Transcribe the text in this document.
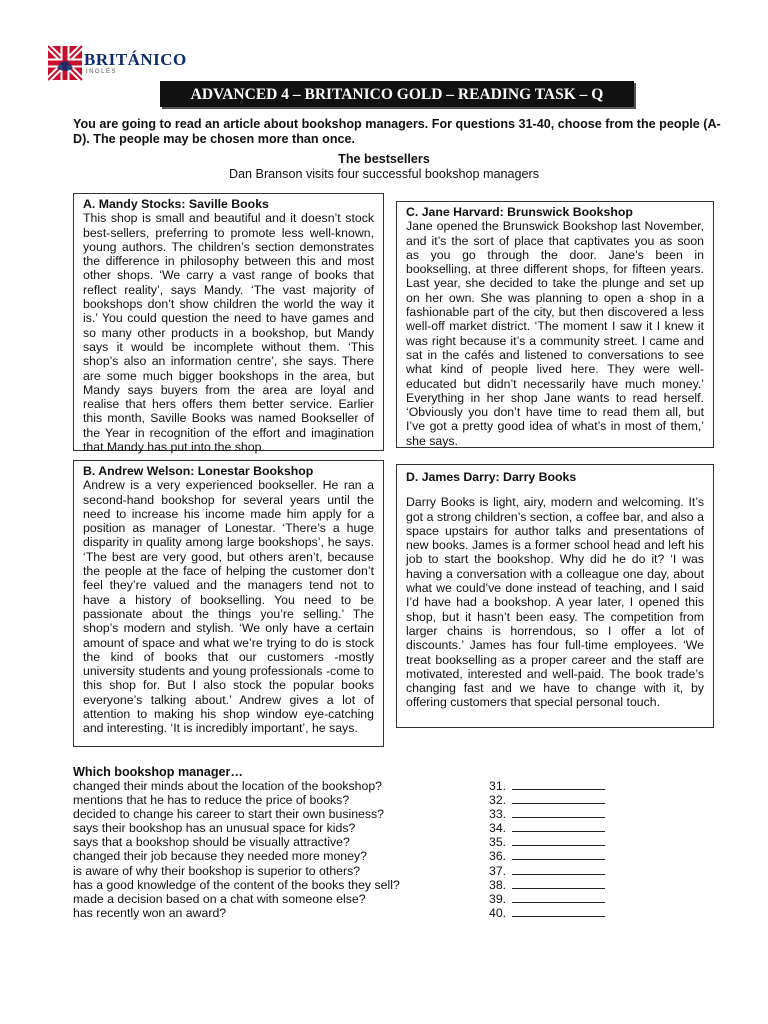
BRITÁNICO
INGLÉS
ADVANCED 4 – BRITANICO GOLD – READING TASK – Q
You are going to read an article about bookshop managers. For questions 31-40, choose from the people (A-D). The people may be chosen more than once.
The bestsellers
Dan Branson visits four successful bookshop managers
A. Mandy Stocks: Saville Books

This shop is small and beautiful and it doesn’t stock best-sellers, preferring to promote less well-known, young authors. The children’s section demonstrates the difference in philosophy between this and most other shops. ‘We carry a vast range of books that reflect reality’, says Mandy. ‘The vast majority of bookshops don’t show children the world the way it is.’ You could question the need to have games and so many other products in a bookshop, but Mandy says it would be incomplete without them. ‘This shop’s also an information centre’, she says. There are some much bigger bookshops in the area, but Mandy says buyers from the area are loyal and realise that hers offers them better service. Earlier this month, Saville Books was named Bookseller of the Year in recognition of the effort and imagination that Mandy has put into the shop.

B. Andrew Welson: Lonestar Bookshop

Andrew is a very experienced bookseller. He ran a second-hand bookshop for several years until the need to increase his income made him apply for a position as manager of Lonestar. ‘There’s a huge disparity in quality among large bookshops’, he says. ‘The best are very good, but others aren’t, because the people at the face of helping the customer don’t feel they’re valued and the managers tend not to have a history of bookselling. You need to be passionate about the things you’re selling.’ The shop’s modern and stylish. ‘We only have a certain amount of space and what we’re trying to do is stock the kind of books that our customers -mostly university students and young professionals -come to this shop for. But I also stock the popular books everyone’s talking about.’ Andrew gives a lot of attention to making his shop window eye-catching and interesting. ‘It is incredibly important’, he says.

C. Jane Harvard: Brunswick Bookshop

Jane opened the Brunswick Bookshop last November, and it’s the sort of place that captivates you as soon as you go through the door. Jane’s been in bookselling, at three different shops, for fifteen years. Last year, she decided to take the plunge and set up on her own. She was planning to open a shop in a fashionable part of the city, but then discovered a less well-off market district. ‘The moment I saw it I knew it was right because it’s a community street. I came and sat in the cafés and listened to conversations to see what kind of people lived here. They were well-educated but didn’t necessarily have much money.’ Everything in her shop Jane wants to read herself. ‘Obviously you don’t have time to read them all, but I’ve got a pretty good idea of what’s in most of them,’ she says.

D. James Darry: Darry Books

Darry Books is light, airy, modern and welcoming. It’s got a strong children’s section, a coffee bar, and also a space upstairs for author talks and presentations of new books. James is a former school head and left his job to start the bookshop. Why did he do it? ‘I was having a conversation with a colleague one day, about what we could’ve done instead of teaching, and I said I’d have had a bookshop. A year later, I opened this shop, but it hasn’t been easy. The competition from larger chains is horrendous, so I offer a lot of discounts.’ James has four full-time employees. ‘We treat bookselling as a proper career and the staff are motivated, interested and well-paid. The book trade’s changing fast and we have to change with it, by offering customers that special personal touch.

Which bookshop manager…
changed their minds about the location of the bookshop?	31.
mentions that he has to reduce the price of books?	32.
decided to change his career to start their own business?	33.
says their bookshop has an unusual space for kids?	34.
says that a bookshop should be visually attractive?	35.
changed their job because they needed more money?	36.
is aware of why their bookshop is superior to others?	37.
has a good knowledge of the content of the books they sell?	38.
made a decision based on a chat with someone else?	39.
has recently won an award?	40.
